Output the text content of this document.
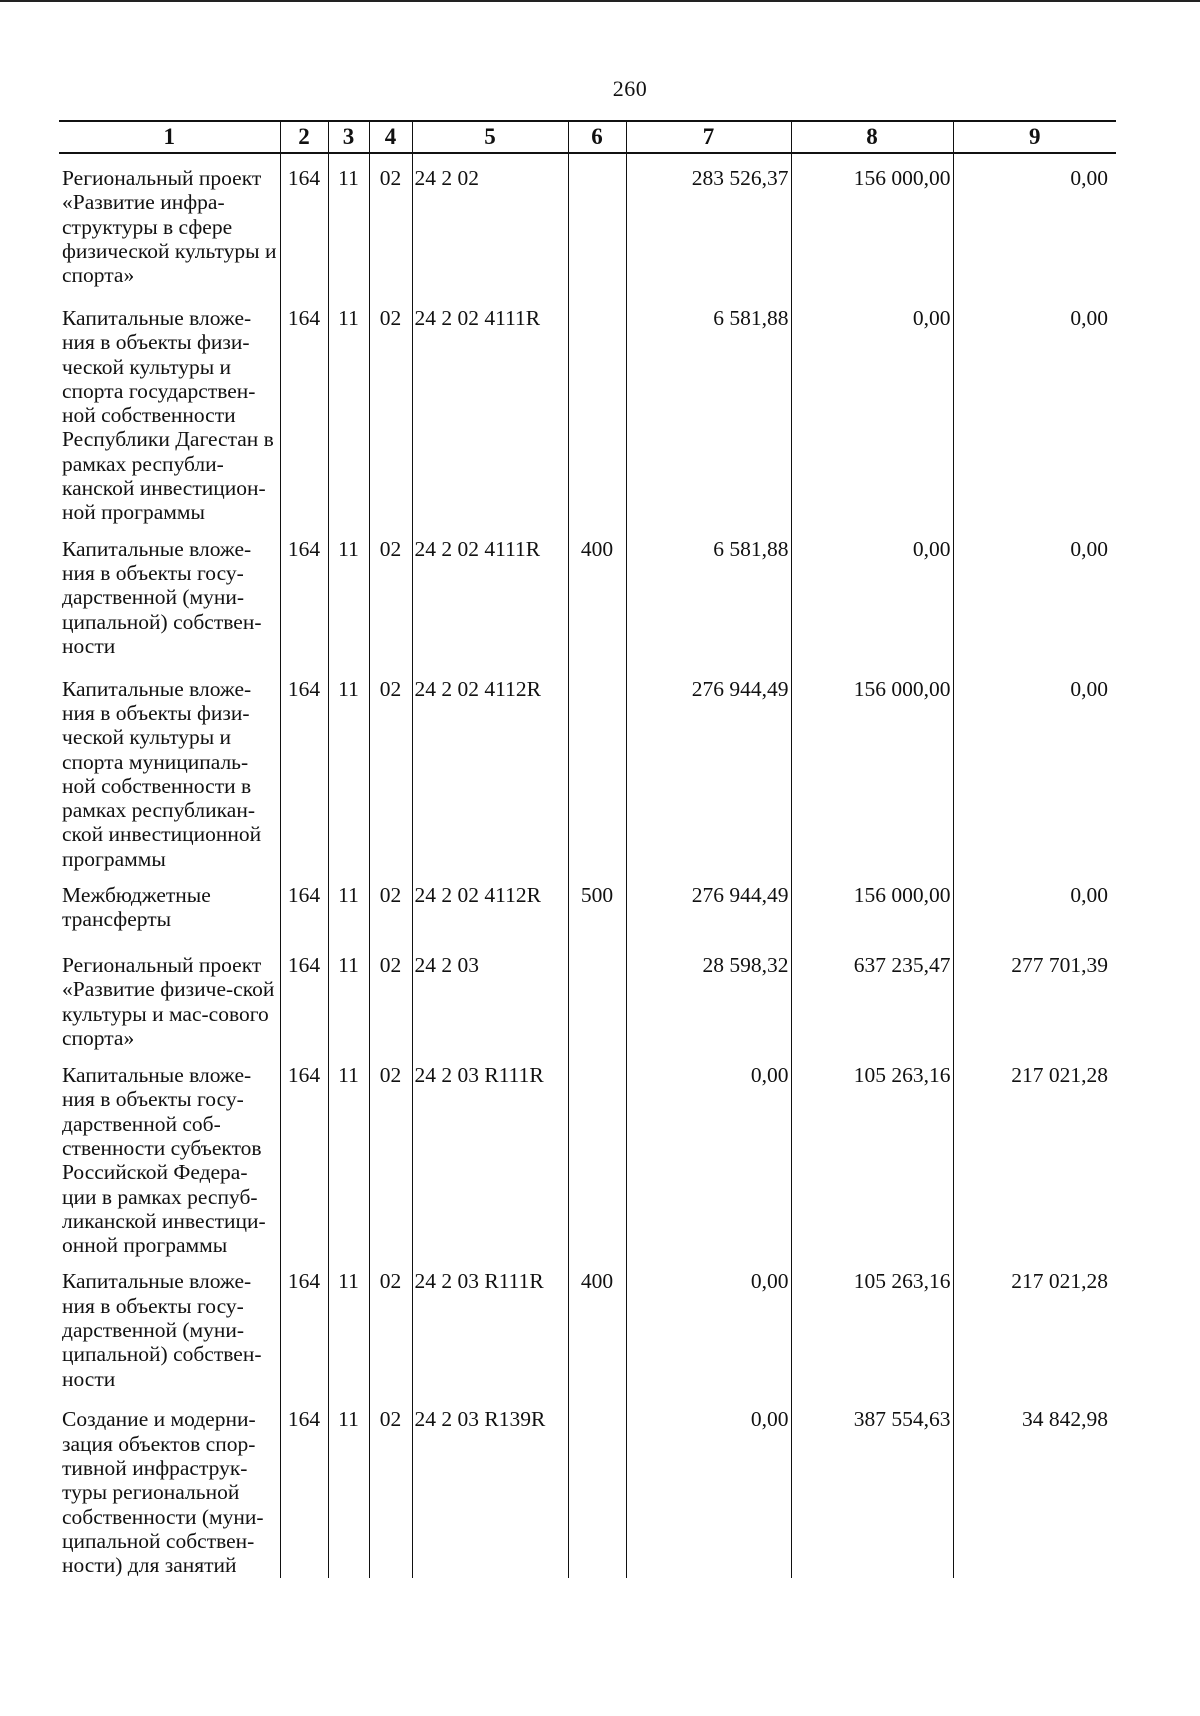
260
1	2	3	4	5	6	7	8	9
Региональный проект «Развитие инфра-структуры в сфере физической культуры и спорта»	164	11	02	24 2 02		283 526,37	156 000,00	0,00
Капитальные вложе-ния в объекты физи-ческой культуры и спорта государствен-ной собственности Республики Дагестан в рамках республи-канской инвестицион-ной программы	164	11	02	24 2 02 4111R		6 581,88	0,00	0,00
Капитальные вложе-ния в объекты госу-дарственной (муни-ципальной) собствен-ности	164	11	02	24 2 02 4111R	400	6 581,88	0,00	0,00
Капитальные вложе-ния в объекты физи-ческой культуры и спорта муниципаль-ной собственности в рамках республикан-ской инвестиционной программы	164	11	02	24 2 02 4112R		276 944,49	156 000,00	0,00
Межбюджетные трансферты	164	11	02	24 2 02 4112R	500	276 944,49	156 000,00	0,00
Региональный проект «Развитие физиче-ской культуры и мас-сового спорта»	164	11	02	24 2 03		28 598,32	637 235,47	277 701,39
Капитальные вложе-ния в объекты госу-дарственной соб-ственности субъектов Российской Федера-ции в рамках респуб-ликанской инвестици-онной программы	164	11	02	24 2 03 R111R		0,00	105 263,16	217 021,28
Капитальные вложе-ния в объекты госу-дарственной (муни-ципальной) собствен-ности	164	11	02	24 2 03 R111R	400	0,00	105 263,16	217 021,28
Создание и модерни-зация объектов спор-тивной инфраструк-туры региональной собственности (муни-ципальной собствен-ности) для занятий	164	11	02	24 2 03 R139R		0,00	387 554,63	34 842,98
